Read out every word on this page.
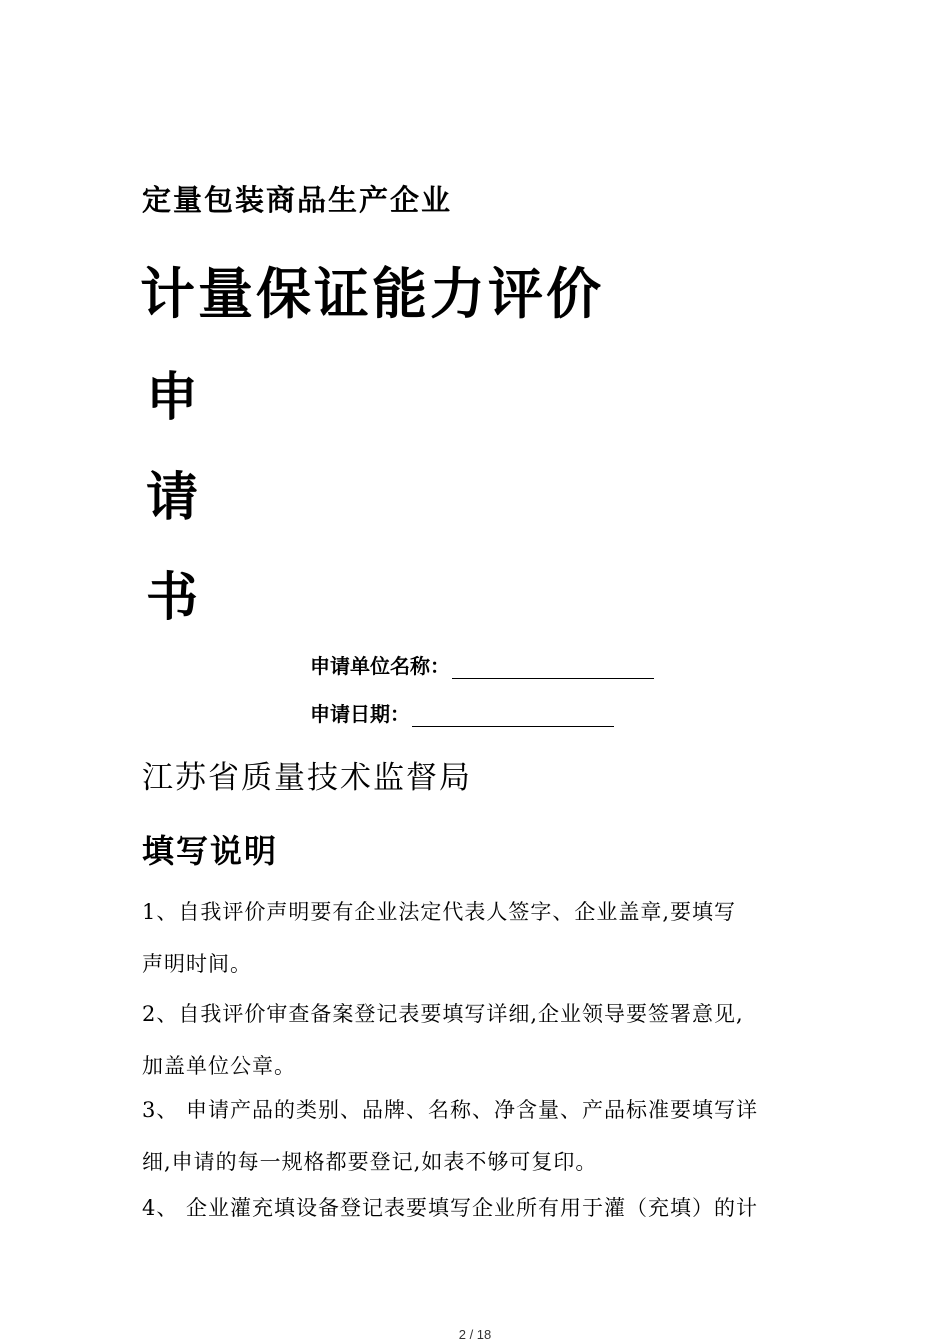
定量包装商品生产企业
计量保证能力评价
申
请
书
申请单位名称：
申请日期：
江苏省质量技术监督局
填写说明
1、自我评价声明要有企业法定代表人签字、企业盖章,要填写
声明时间。
2、自我评价审查备案登记表要填写详细,企业领导要签署意见,
加盖单位公章。
3、 申请产品的类别、品牌、名称、净含量、产品标准要填写详
细,申请的每一规格都要登记,如表不够可复印。
4、 企业灌充填设备登记表要填写企业所有用于灌（充填）的计
2 / 18
